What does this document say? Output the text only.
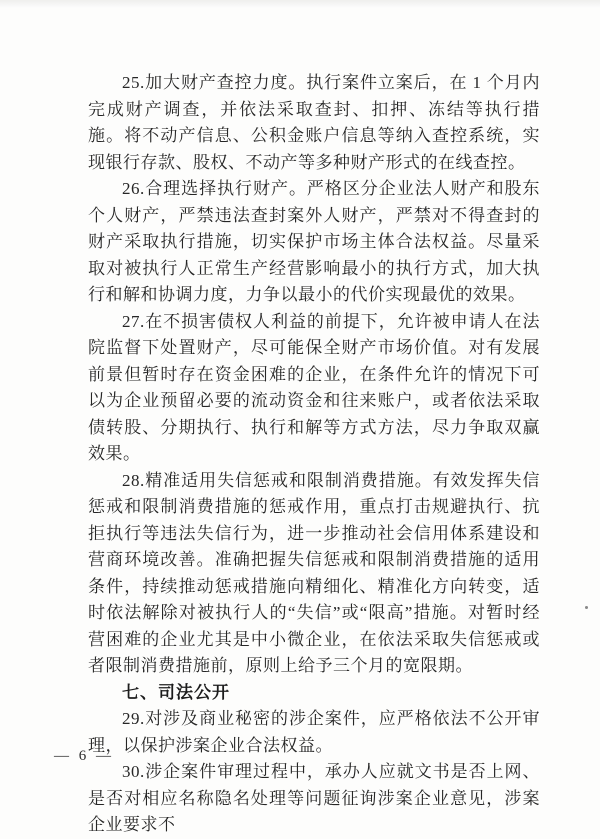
25.加大财产查控力度。执行案件立案后，在 1 个月内完成财产调查，并依法采取查封、扣押、冻结等执行措施。将不动产信息、公积金账户信息等纳入查控系统，实现银行存款、股权、不动产等多种财产形式的在线查控。

26.合理选择执行财产。严格区分企业法人财产和股东个人财产，严禁违法查封案外人财产，严禁对不得查封的财产采取执行措施，切实保护市场主体合法权益。尽量采取对被执行人正常生产经营影响最小的执行方式，加大执行和解和协调力度，力争以最小的代价实现最优的效果。

27.在不损害债权人利益的前提下，允许被申请人在法院监督下处置财产，尽可能保全财产市场价值。对有发展前景但暂时存在资金困难的企业，在条件允许的情况下可以为企业预留必要的流动资金和往来账户，或者依法采取债转股、分期执行、执行和解等方式方法，尽力争取双赢效果。

28.精准适用失信惩戒和限制消费措施。有效发挥失信惩戒和限制消费措施的惩戒作用，重点打击规避执行、抗拒执行等违法失信行为，进一步推动社会信用体系建设和营商环境改善。准确把握失信惩戒和限制消费措施的适用条件，持续推动惩戒措施向精细化、精准化方向转变，适时依法解除对被执行人的“失信”或“限高”措施。对暂时经营困难的企业尤其是中小微企业，在依法采取失信惩戒或者限制消费措施前，原则上给予三个月的宽限期。

七、司法公开

29.对涉及商业秘密的涉企案件，应严格依法不公开审理，以保护涉案企业合法权益。

30.涉企案件审理过程中，承办人应就文书是否上网、是否对相应名称隐名处理等问题征询涉案企业意见，涉案企业要求不

— 6 —
